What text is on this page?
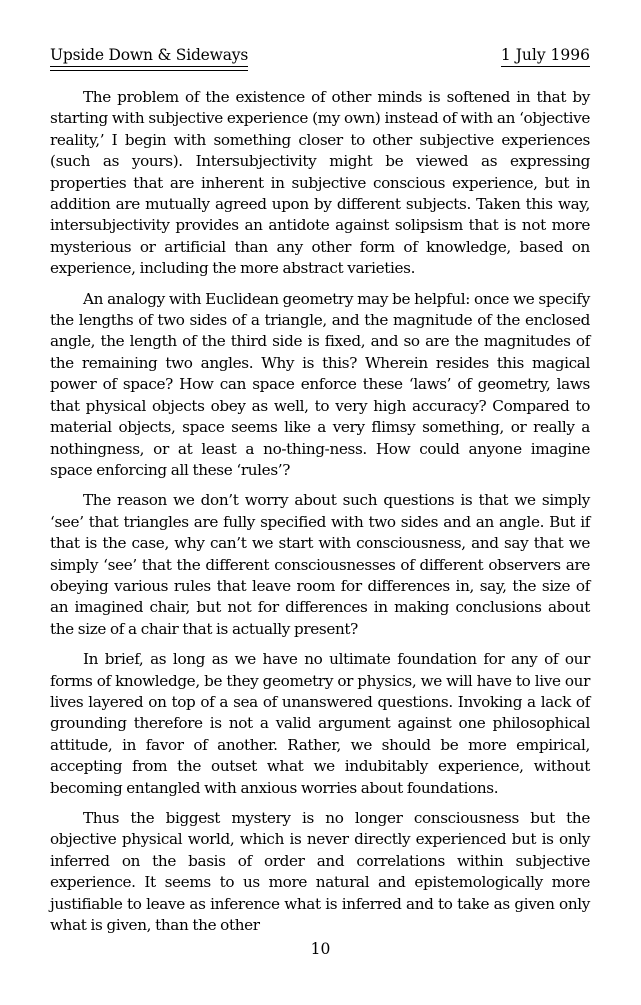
Upside Down & Sideways	1 July 1996

The problem of the existence of other minds is softened in that by starting with subjective experience (my own) instead of with an ‘objective reality,’ I begin with something closer to other subjective experiences (such as yours). Intersubjectivity might be viewed as expressing properties that are inherent in subjective conscious experience, but in addition are mutually agreed upon by different subjects. Taken this way, intersubjectivity provides an antidote against solipsism that is not more mysterious or artificial than any other form of knowledge, based on experience, including the more abstract varieties.

An analogy with Euclidean geometry may be helpful: once we specify the lengths of two sides of a triangle, and the magnitude of the enclosed angle, the length of the third side is fixed, and so are the magnitudes of the remaining two angles. Why is this? Wherein resides this magical power of space? How can space enforce these ‘laws’ of geometry, laws that physical objects obey as well, to very high accuracy? Compared to material objects, space seems like a very flimsy something, or really a nothingness, or at least a no-thing-ness. How could anyone imagine space enforcing all these ‘rules’?

The reason we don’t worry about such questions is that we simply ‘see’ that triangles are fully specified with two sides and an angle. But if that is the case, why can’t we start with consciousness, and say that we simply ‘see’ that the different consciousnesses of different observers are obeying various rules that leave room for differences in, say, the size of an imagined chair, but not for differences in making conclusions about the size of a chair that is actually present?

In brief, as long as we have no ultimate foundation for any of our forms of knowledge, be they geometry or physics, we will have to live our lives layered on top of a sea of unanswered questions. Invoking a lack of grounding therefore is not a valid argument against one philosophical attitude, in favor of another. Rather, we should be more empirical, accepting from the outset what we indubitably experience, without becoming entangled with anxious worries about foundations.

Thus the biggest mystery is no longer consciousness but the objective physical world, which is never directly experienced but is only inferred on the basis of order and correlations within subjective experience. It seems to us more natural and epistemologically more justifiable to leave as inference what is inferred and to take as given only what is given, than the other

10
